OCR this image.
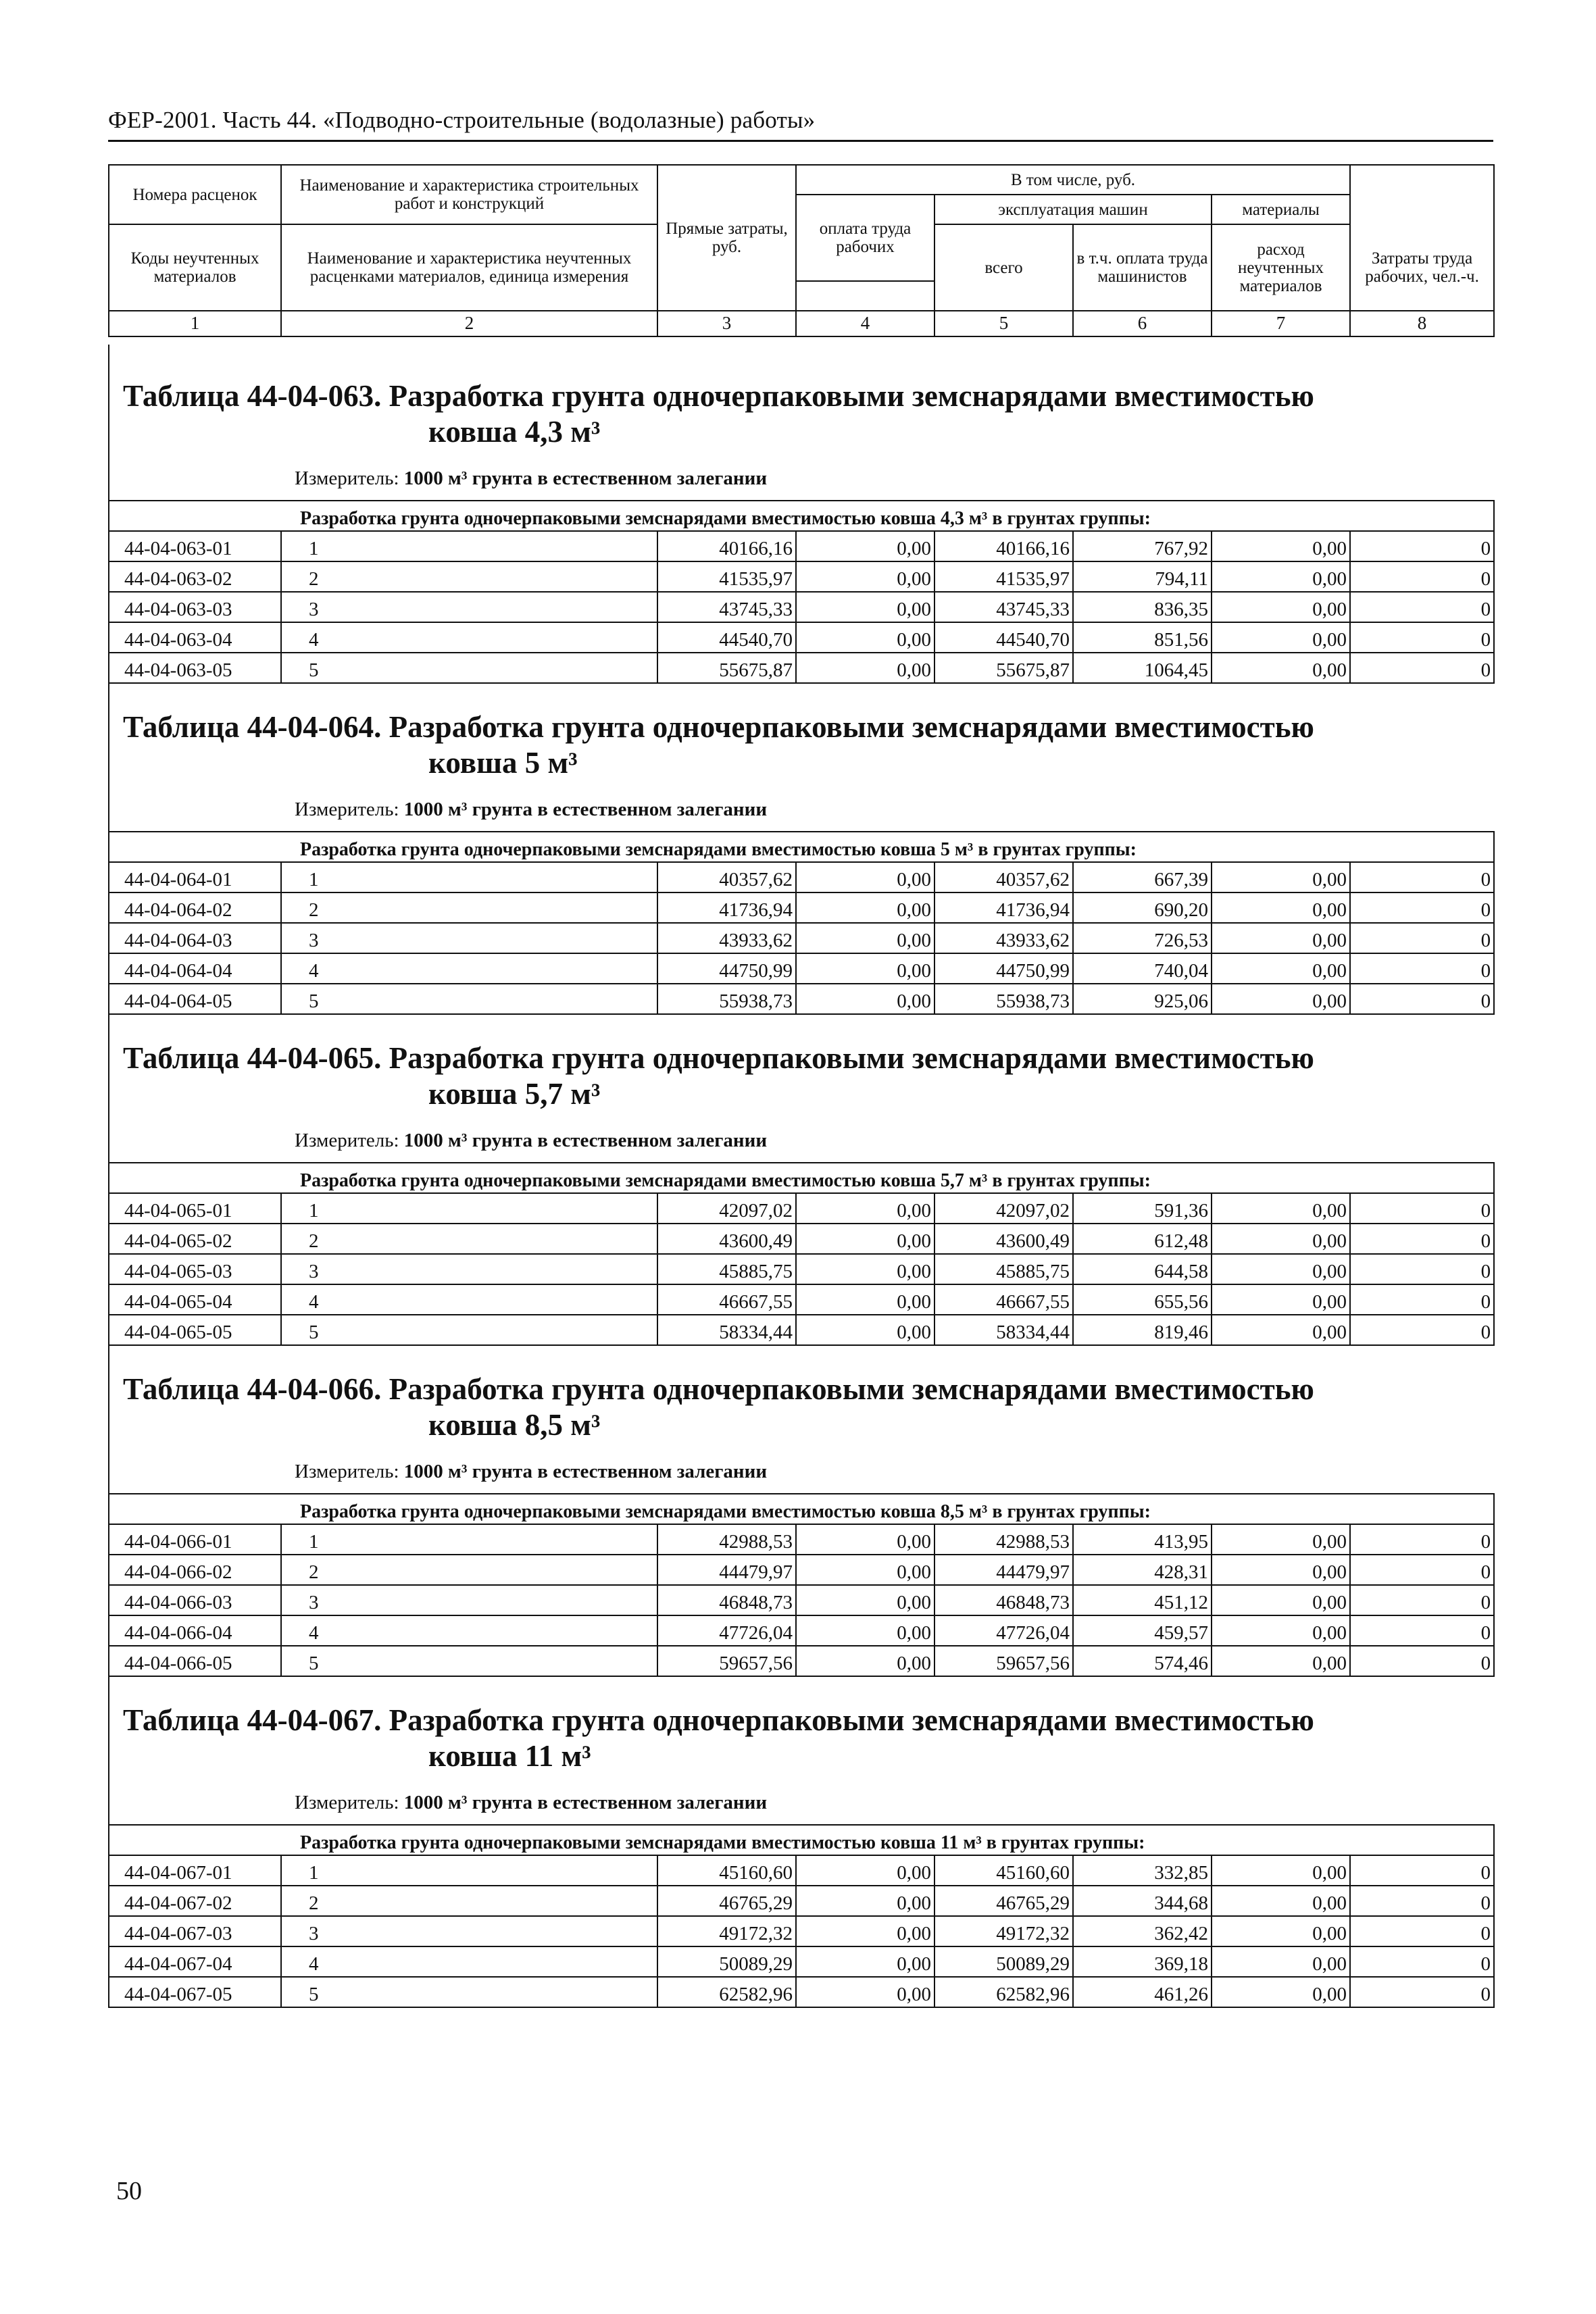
ФЕР-2001. Часть 44. «Подводно-строительные (водолазные) работы»
Номера расценок	Наименование и характеристика строительных работ и конструкций	Прямые затраты, руб.	В том числе, руб.				
			оплата труда рабочих	эксплуатация машин		материалы	
Коды неучтенных материалов	Наименование и характеристика неучтенных расценками материалов, единица измерения			всего	в т.ч. оплата труда машинистов	расход неучтенных материалов	Затраты труда рабочих, чел.-ч.

1	2	3	4	5	6	7	8
Таблица 44-04-063. Разработка грунта одночерпаковыми земснарядами вместимостью
ковша 4,3 м³
Измеритель: 1000 м³ грунта в естественном залегании
Разработка грунта одночерпаковыми земснарядами вместимостью ковша 4,3 м³ в грунтах группы:							
44-04-063-01	1	40166,16	0,00	40166,16	767,92	0,00	0
44-04-063-02	2	41535,97	0,00	41535,97	794,11	0,00	0
44-04-063-03	3	43745,33	0,00	43745,33	836,35	0,00	0
44-04-063-04	4	44540,70	0,00	44540,70	851,56	0,00	0
44-04-063-05	5	55675,87	0,00	55675,87	1064,45	0,00	0
Таблица 44-04-064. Разработка грунта одночерпаковыми земснарядами вместимостью
ковша 5 м³
Измеритель: 1000 м³ грунта в естественном залегании
Разработка грунта одночерпаковыми земснарядами вместимостью ковша 5 м³ в грунтах группы:							
44-04-064-01	1	40357,62	0,00	40357,62	667,39	0,00	0
44-04-064-02	2	41736,94	0,00	41736,94	690,20	0,00	0
44-04-064-03	3	43933,62	0,00	43933,62	726,53	0,00	0
44-04-064-04	4	44750,99	0,00	44750,99	740,04	0,00	0
44-04-064-05	5	55938,73	0,00	55938,73	925,06	0,00	0
Таблица 44-04-065. Разработка грунта одночерпаковыми земснарядами вместимостью
ковша 5,7 м³
Измеритель: 1000 м³ грунта в естественном залегании
Разработка грунта одночерпаковыми земснарядами вместимостью ковша 5,7 м³ в грунтах группы:							
44-04-065-01	1	42097,02	0,00	42097,02	591,36	0,00	0
44-04-065-02	2	43600,49	0,00	43600,49	612,48	0,00	0
44-04-065-03	3	45885,75	0,00	45885,75	644,58	0,00	0
44-04-065-04	4	46667,55	0,00	46667,55	655,56	0,00	0
44-04-065-05	5	58334,44	0,00	58334,44	819,46	0,00	0
Таблица 44-04-066. Разработка грунта одночерпаковыми земснарядами вместимостью
ковша 8,5 м³
Измеритель: 1000 м³ грунта в естественном залегании
Разработка грунта одночерпаковыми земснарядами вместимостью ковша 8,5 м³ в грунтах группы:							
44-04-066-01	1	42988,53	0,00	42988,53	413,95	0,00	0
44-04-066-02	2	44479,97	0,00	44479,97	428,31	0,00	0
44-04-066-03	3	46848,73	0,00	46848,73	451,12	0,00	0
44-04-066-04	4	47726,04	0,00	47726,04	459,57	0,00	0
44-04-066-05	5	59657,56	0,00	59657,56	574,46	0,00	0
Таблица 44-04-067. Разработка грунта одночерпаковыми земснарядами вместимостью
ковша 11 м³
Измеритель: 1000 м³ грунта в естественном залегании
Разработка грунта одночерпаковыми земснарядами вместимостью ковша 11 м³ в грунтах группы:							
44-04-067-01	1	45160,60	0,00	45160,60	332,85	0,00	0
44-04-067-02	2	46765,29	0,00	46765,29	344,68	0,00	0
44-04-067-03	3	49172,32	0,00	49172,32	362,42	0,00	0
44-04-067-04	4	50089,29	0,00	50089,29	369,18	0,00	0
44-04-067-05	5	62582,96	0,00	62582,96	461,26	0,00	0
50
